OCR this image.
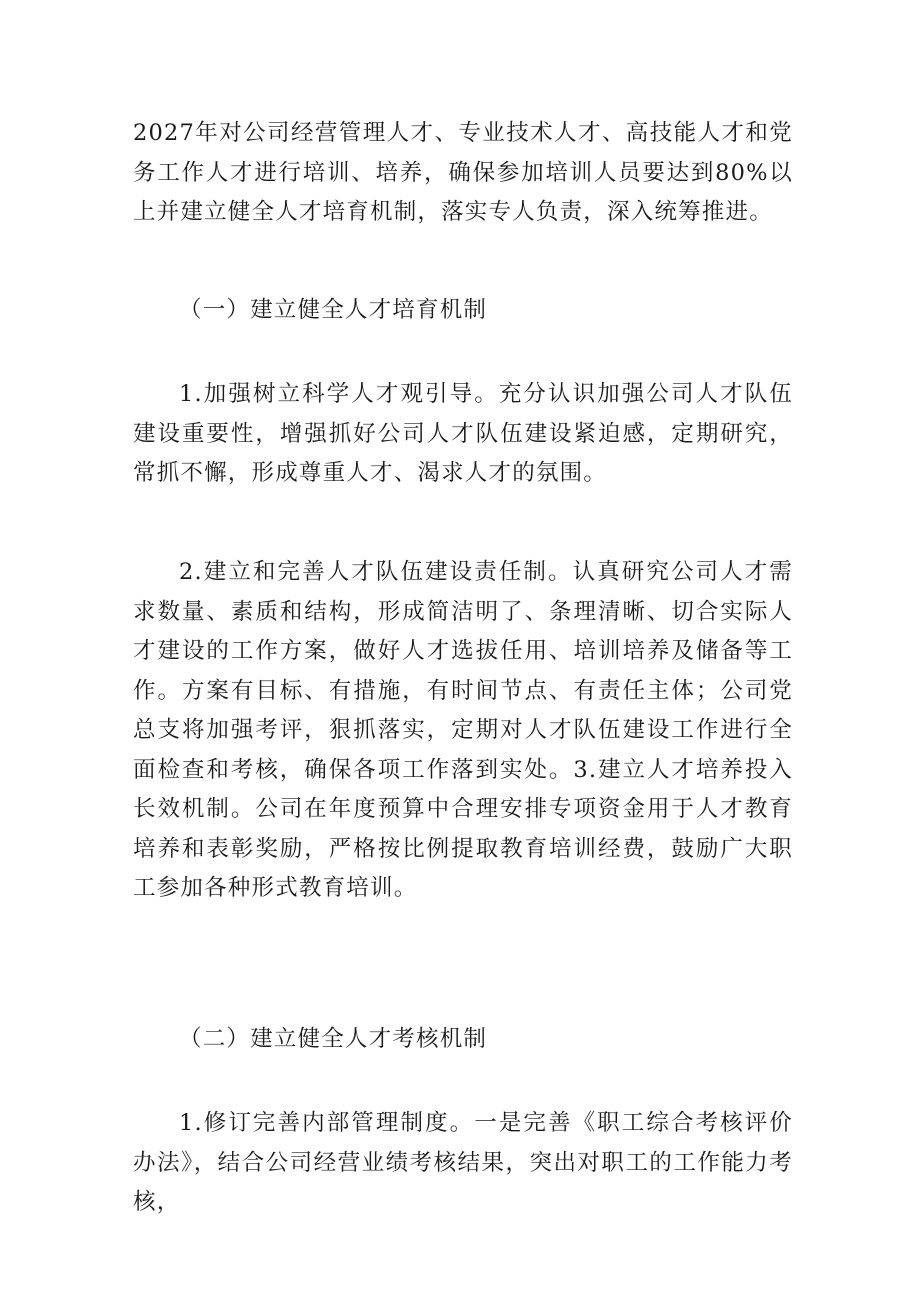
2027年对公司经营管理人才、专业技术人才、高技能人才和党务工作人才进行培训、培养，确保参加培训人员要达到80%以上并建立健全人才培育机制，落实专人负责，深入统筹推进。

（一）建立健全人才培育机制

1.加强树立科学人才观引导。充分认识加强公司人才队伍建设重要性，增强抓好公司人才队伍建设紧迫感，定期研究，常抓不懈，形成尊重人才、渴求人才的氛围。

2.建立和完善人才队伍建设责任制。认真研究公司人才需求数量、素质和结构，形成简洁明了、条理清晰、切合实际人才建设的工作方案，做好人才选拔任用、培训培养及储备等工作。方案有目标、有措施，有时间节点、有责任主体；公司党总支将加强考评，狠抓落实，定期对人才队伍建设工作进行全面检查和考核，确保各项工作落到实处。3.建立人才培养投入长效机制。公司在年度预算中合理安排专项资金用于人才教育培养和表彰奖励，严格按比例提取教育培训经费，鼓励广大职工参加各种形式教育培训。

（二）建立健全人才考核机制

1.修订完善内部管理制度。一是完善《职工综合考核评价办法》，结合公司经营业绩考核结果，突出对职工的工作能力考核，
